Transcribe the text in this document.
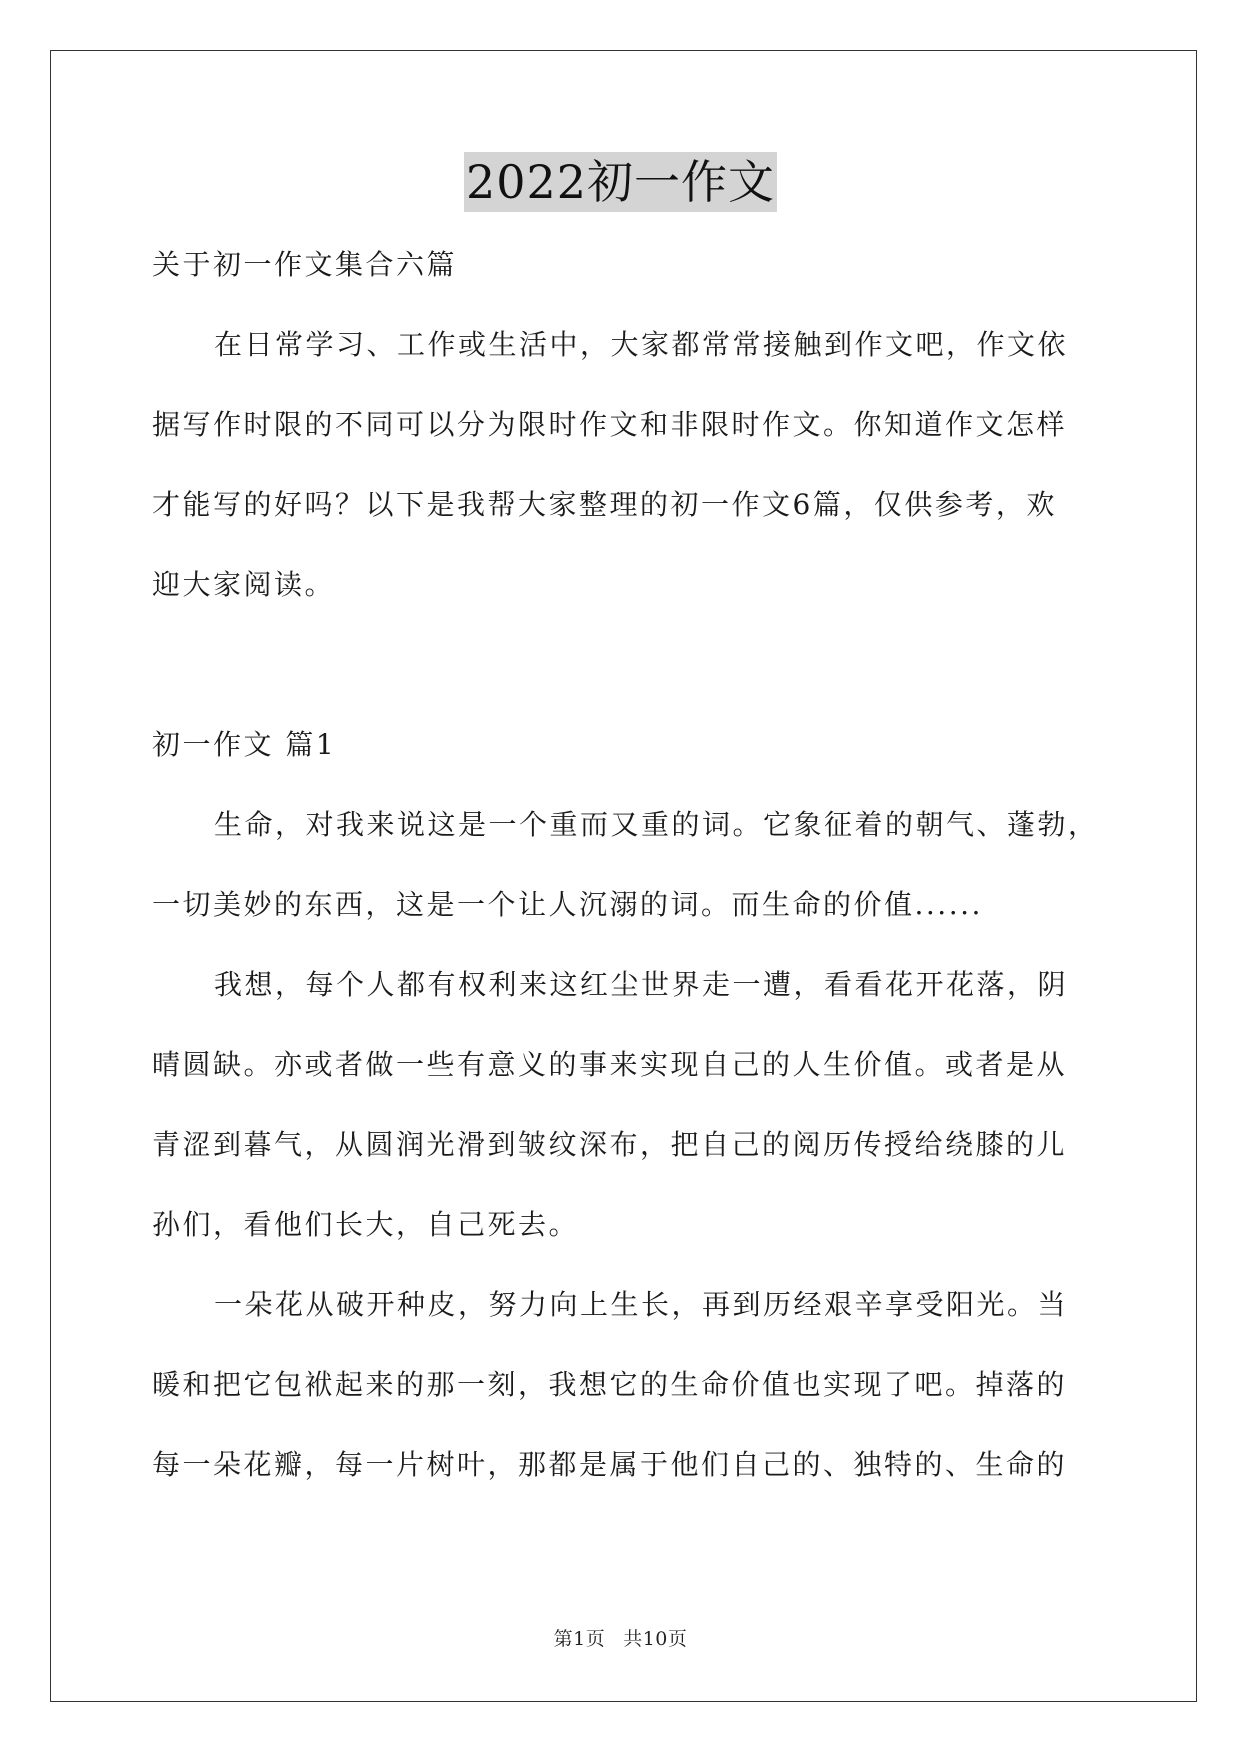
2022初一作文
关于初一作文集合六篇
在日常学习、工作或生活中，大家都常常接触到作文吧，作文依
据写作时限的不同可以分为限时作文和非限时作文。你知道作文怎样
才能写的好吗？以下是我帮大家整理的初一作文6篇，仅供参考，欢
迎大家阅读。
初一作文 篇1
生命，对我来说这是一个重而又重的词。它象征着的朝气、蓬勃，
一切美妙的东西，这是一个让人沉溺的词。而生命的价值......
我想，每个人都有权利来这红尘世界走一遭，看看花开花落，阴
晴圆缺。亦或者做一些有意义的事来实现自己的人生价值。或者是从
青涩到暮气，从圆润光滑到皱纹深布，把自己的阅历传授给绕膝的儿
孙们，看他们长大，自己死去。
一朵花从破开种皮，努力向上生长，再到历经艰辛享受阳光。当
暖和把它包袱起来的那一刻，我想它的生命价值也实现了吧。掉落的
每一朵花瓣，每一片树叶，那都是属于他们自己的、独特的、生命的
第1页 共10页
